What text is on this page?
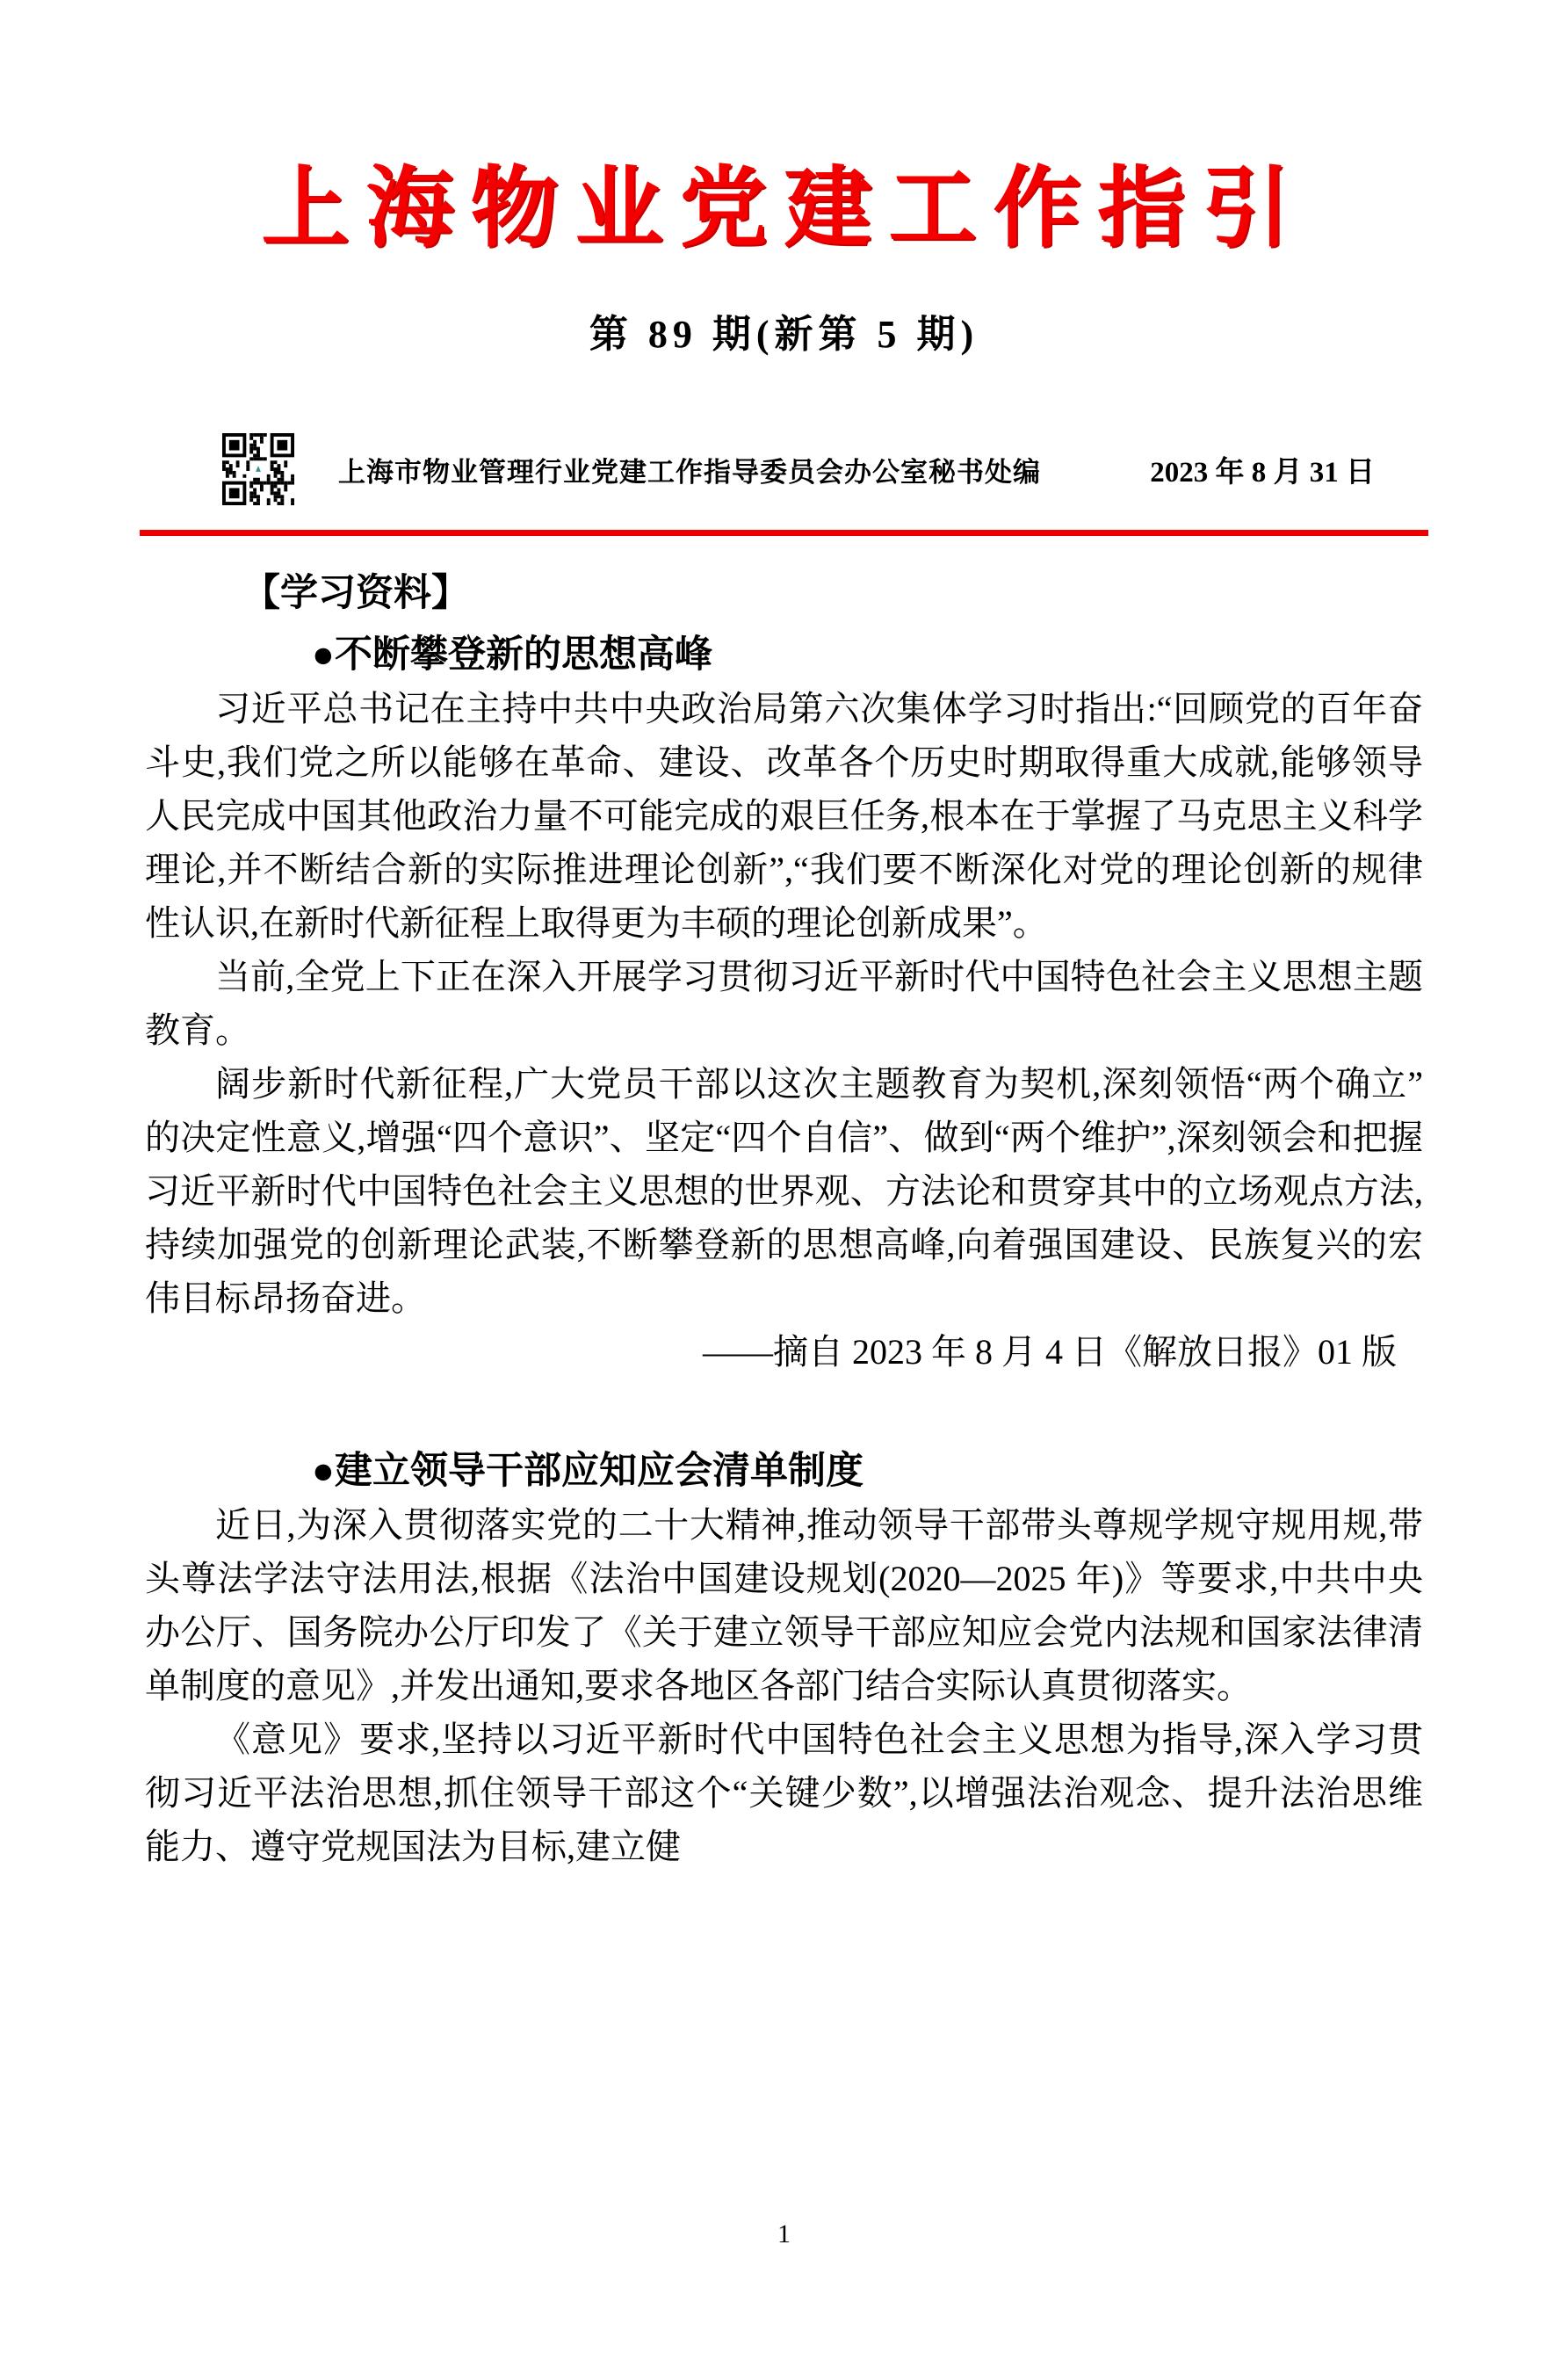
上海物业党建工作指引
第 89 期(新第 5 期)
上海市物业管理行业党建工作指导委员会办公室秘书处编	2023 年 8 月 31 日
【学习资料】
●不断攀登新的思想高峰

习近平总书记在主持中共中央政治局第六次集体学习时指出:“回顾党的百年奋斗史,我们党之所以能够在革命、建设、改革各个历史时期取得重大成就,能够领导人民完成中国其他政治力量不可能完成的艰巨任务,根本在于掌握了马克思主义科学理论,并不断结合新的实际推进理论创新”,“我们要不断深化对党的理论创新的规律性认识,在新时代新征程上取得更为丰硕的理论创新成果”。

当前,全党上下正在深入开展学习贯彻习近平新时代中国特色社会主义思想主题教育。

阔步新时代新征程,广大党员干部以这次主题教育为契机,深刻领悟“两个确立”的决定性意义,增强“四个意识”、坚定“四个自信”、做到“两个维护”,深刻领会和把握习近平新时代中国特色社会主义思想的世界观、方法论和贯穿其中的立场观点方法,持续加强党的创新理论武装,不断攀登新的思想高峰,向着强国建设、民族复兴的宏伟目标昂扬奋进。

——摘自 2023 年 8 月 4 日《解放日报》01 版
●建立领导干部应知应会清单制度

近日,为深入贯彻落实党的二十大精神,推动领导干部带头尊规学规守规用规,带头尊法学法守法用法,根据《法治中国建设规划(2020—2025 年)》等要求,中共中央办公厅、国务院办公厅印发了《关于建立领导干部应知应会党内法规和国家法律清单制度的意见》,并发出通知,要求各地区各部门结合实际认真贯彻落实。

《意见》要求,坚持以习近平新时代中国特色社会主义思想为指导,深入学习贯彻习近平法治思想,抓住领导干部这个“关键少数”,以增强法治观念、提升法治思维能力、遵守党规国法为目标,建立健

1
